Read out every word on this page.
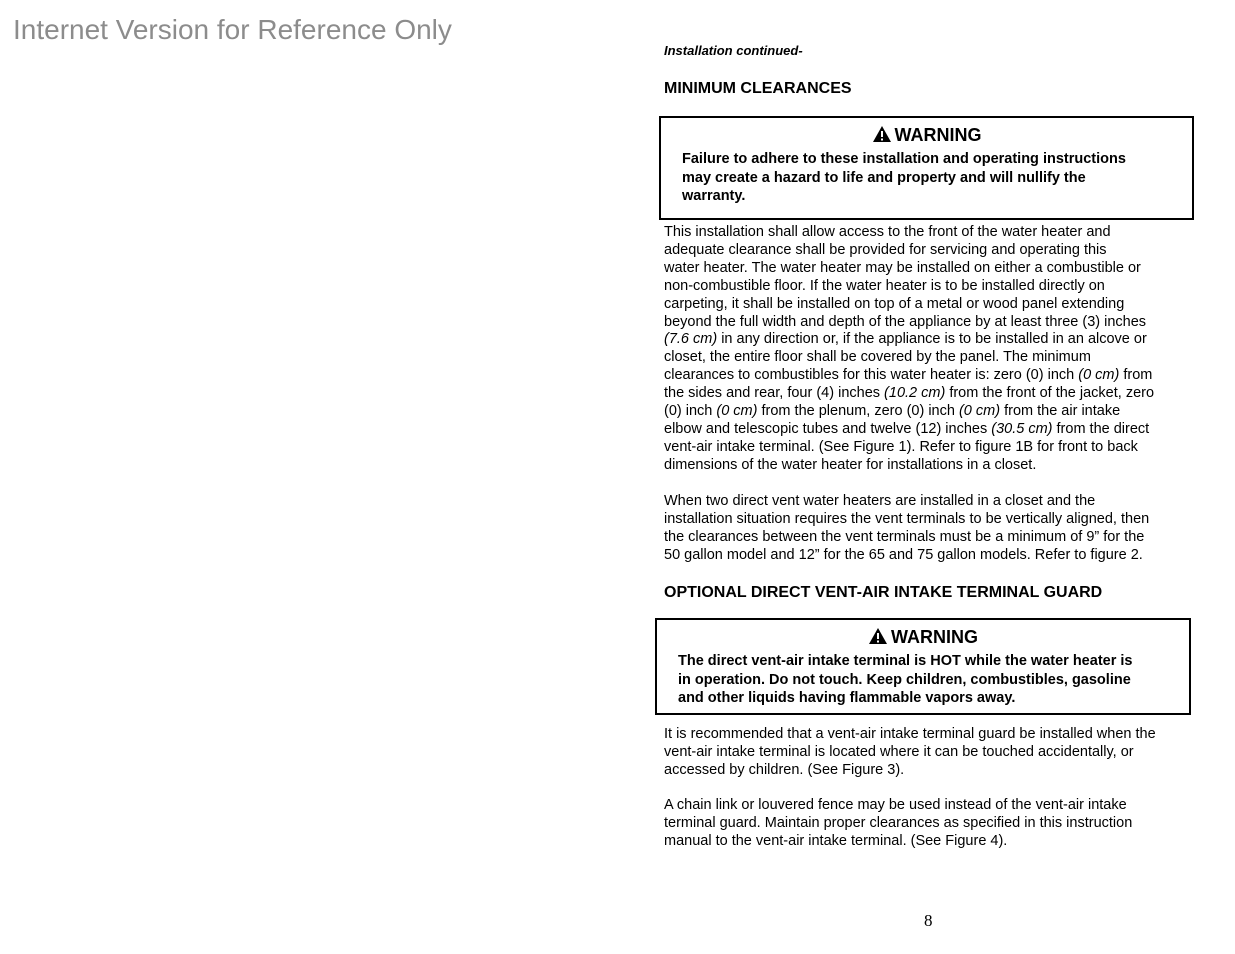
Internet Version for Reference Only
Installation continued-
MINIMUM CLEARANCES
WARNING
Failure to adhere to these installation and operating instructions
may create a hazard to life and property and will nullify the
warranty.

This installation shall allow access to the front of the water heater and
adequate clearance shall be provided for servicing and operating this
water heater. The water heater may be installed on either a combustible or
non-combustible floor. If the water heater is to be installed directly on
carpeting, it shall be installed on top of a metal or wood panel extending
beyond the full width and depth of the appliance by at least three (3) inches
(7.6 cm) in any direction or, if the appliance is to be installed in an alcove or
closet, the entire floor shall be covered by the panel. The minimum
clearances to combustibles for this water heater is: zero (0) inch (0 cm) from
the sides and rear, four (4) inches (10.2 cm) from the front of the jacket, zero
(0) inch (0 cm) from the plenum, zero (0) inch (0 cm) from the air intake
elbow and telescopic tubes and twelve (12) inches (30.5 cm) from the direct
vent-air intake terminal. (See Figure 1). Refer to figure 1B for front to back
dimensions of the water heater for installations in a closet.

When two direct vent water heaters are installed in a closet and the
installation situation requires the vent terminals to be vertically aligned, then
the clearances between the vent terminals must be a minimum of 9” for the
50 gallon model and 12” for the 65 and 75 gallon models. Refer to figure 2.

OPTIONAL DIRECT VENT-AIR INTAKE TERMINAL GUARD
WARNING
The direct vent-air intake terminal is HOT while the water heater is
in operation. Do not touch. Keep children, combustibles, gasoline
and other liquids having flammable vapors away.

It is recommended that a vent-air intake terminal guard be installed when the
vent-air intake terminal is located where it can be touched accidentally, or
accessed by children. (See Figure 3).

A chain link or louvered fence may be used instead of the vent-air intake
terminal guard. Maintain proper clearances as specified in this instruction
manual to the vent-air intake terminal. (See Figure 4).

8
